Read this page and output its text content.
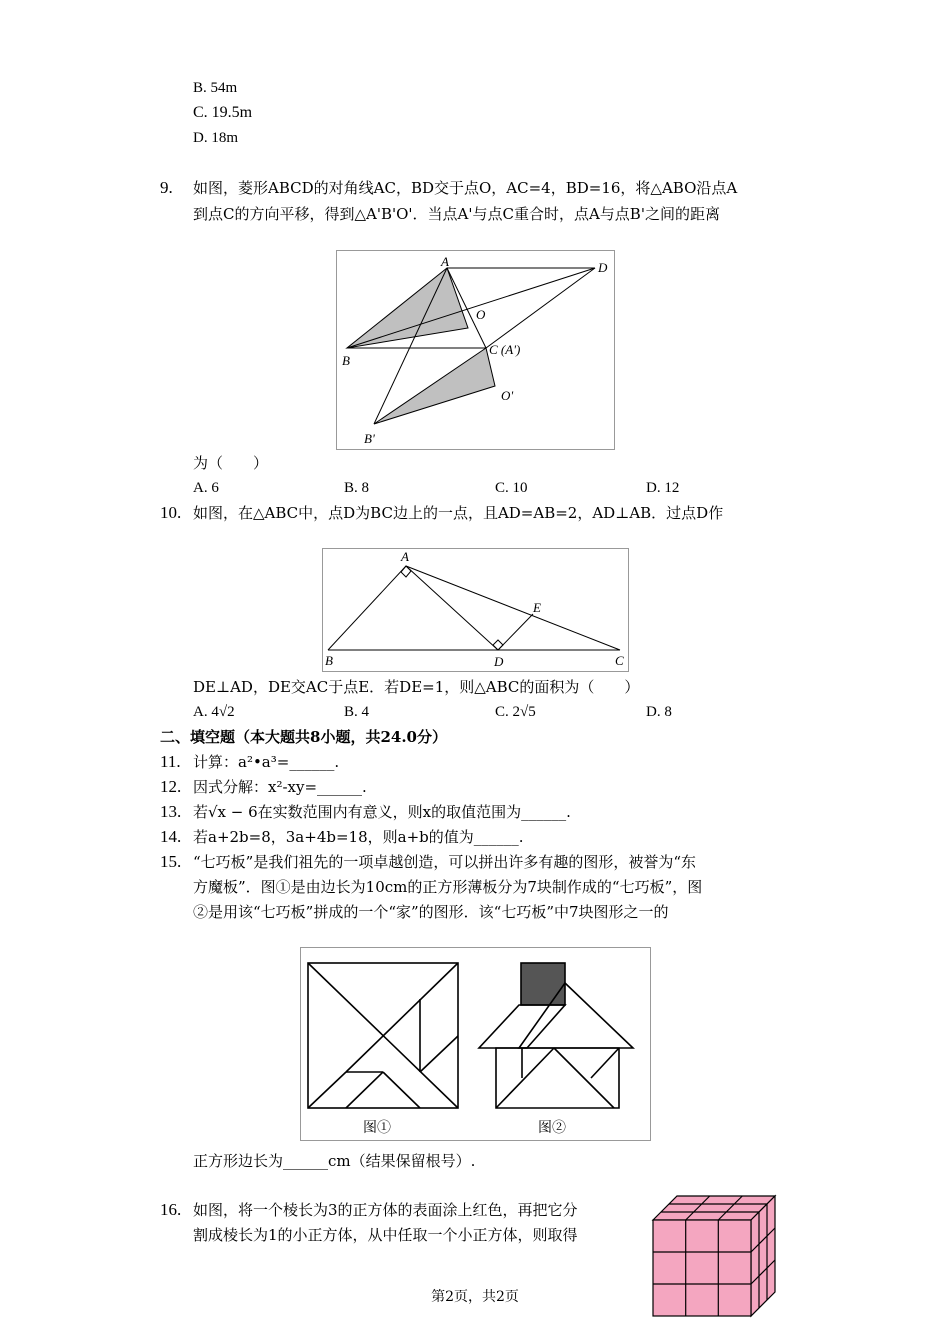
B. 54m
C. 19.5m
D. 18m
9. 如图，菱形ABCD的对角线AC，BD交于点O，AC=4，BD=16，将△ABO沿点A
到点C的方向平移，得到△A'B'O'．当点A'与点C重合时，点A与点B'之间的距离
A	D
O
B
C (A')
O'
B'
为（　　）
A. 6	B. 8	C. 10	D. 12
10. 如图，在△ABC中，点D为BC边上的一点，且AD=AB=2，AD⊥AB．过点D作
A
E
B	D	C
DE⊥AD，DE交AC于点E．若DE=1，则△ABC的面积为（　　）
A. 4√2	B. 4	C. 2√5	D. 8
二、填空题（本大题共8小题，共24.0分）
11. 计算：a²•a³=______.
12. 因式分解：x²-xy=______.
13. 若√x − 6在实数范围内有意义，则x的取值范围为______.
14. 若a+2b=8，3a+4b=18，则a+b的值为______.
15. “七巧板”是我们祖先的一项卓越创造，可以拼出许多有趣的图形，被誉为“东
方魔板”．图①是由边长为10cm的正方形薄板分为7块制作成的“七巧板”，图
②是用该“七巧板”拼成的一个“家”的图形．该“七巧板”中7块图形之一的
图①	图②
正方形边长为______cm（结果保留根号）.
16. 如图，将一个棱长为3的正方体的表面涂上红色，再把它分
割成棱长为1的小正方体，从中任取一个小正方体，则取得
第2页，共2页
